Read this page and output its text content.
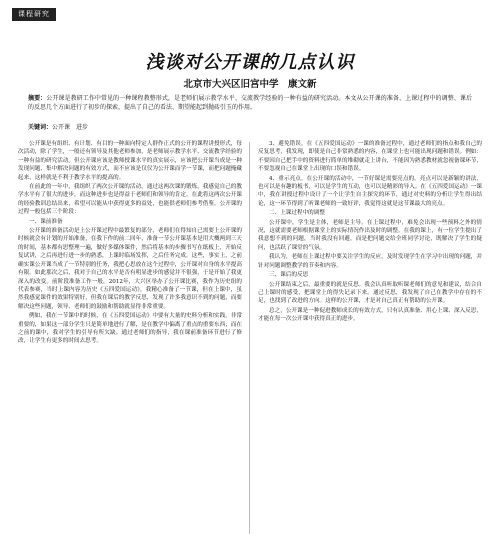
课程研究
浅谈对公开课的几点认识
北京市大兴区旧宫中学　康文新
摘要：公开课是教研工作中常见的一种课程教整形式，是老师们展示教学水平、交流教学经验的一种有益的研究活动。本文从公开课的准备、上课过程中的调整、课后的反思几个方面进行了初步的探索，提出了自己的看法、期望能起到抛砖引玉的作用。
关键词：公开课　进步

公开课是有组织、有计划、有目的一种面向特定人群作正式的公开的课程讲授形式，每次活动，除了学生，一般还有领导及其他老师参加，是老师展示教学水平、交流教学经验的一种有益的研究活动。但公开课应该是教师授课水平的真实展示，应该把公开课当成是一种发现问题、集中解决问题的有效方式，而不应该是仅仅为公开课而学一节课，而把问题掩藏起来，这样就是不利于教学水平的提高的。

在前此的一年中，我组织了两次公开课的活动，通过这两次课的锻炼，我感觉自己的教学水平有了很大的进步，而这种进步也是得益于老师们和领导的肯定。在此将这两次公开课的经验教训总结出来，希望可以能从中获得更多的益处，也能供老师们参考借鉴。公开课的过程一般包括三个阶段：

一、课前准备

公开课的准备活动是上公开课过程中最繁复的部分，老师们在得知自己需要上公开课的时候就会有计划的开始准备，在我下作的前二回年，准备一节公开课基本是用大概两到三天的时间，基本都有思整理一遍，做好多媒体课件，然后将基本的步骤书写在纸板上，开始反复试讲，之后再进行进一步的熟悉，上课时临场发挥，之后任务完成。这些，事实上，之前确实课公开课当成了一节特别的任务，我把心思放在这个过程中，公开课对自身的水平提高有限。如此那次之后，我对于自己的水平是否有明显进步的感觉并不很强，于是开始了我更深入的改变。前阶段准备工作一般，2012年，大兴区举办了公开课比赛，我作为历史组的代表参赛，当时上课内容为历史《五四爱国运动》，我精心准备了一节课，但在上课中，虽然我感觉课件的效果特别好，但我在课后的教学反思，发现了许多我意识不到的问题，而要解决这些问题，领导、老师们的鼓励和帮助就显得非常重要。

例如，我在一节课中的时候，在《五四爱国运动》中要有大量的史料分析和实践，非常重要的，如果这一部分学生只是简单地进行了解，是在教学中偏离了重点的重要东西；而在之前的课中，我对学生的引导有所欠缺。通过老师们的指导，我在课前准备环节进行了修改，让学生有更多的时间去思考。

3、避免错误。在《五四爱国运动》一课的准备过程中，通过老师们的指点和我自己的反复思考，我发现，即使是自己非常熟悉的内容，在课堂上也可能出现问题和错误。例如：不要因自己把手中的资料进行简单的堆砌就走上讲台，不能因为熟悉教材就忽视备课环节，不要忽视自己在课堂上出现的口误和错误。

4、重示亮点。在公开课的活动中，一节好课是需要亮点的。亮点可以是新颖的讲法，也可以是有趣的板书，可以是学生的互动，也可以是精彩的导入。在《五四爱国运动》一课中，我在讲授过程中设计了一个让学生自主探究的环节，通过对史料的分析让学生得出结论，这一环节得到了听课老师的一致好评，我觉得这就是这节课最大的亮点。

二、上课过程中的调整

公开课中，学生是主体，老师是主导。在上课过程中，难免会出现一些预料之外的情况，这就需要老师根据课堂上的实际情况作出及时的调整。在我的课上，有一位学生提出了我意想不到的问题，当时我没有回避，而是把问题交给全班同学讨论，既解决了学生的疑问，也活跃了课堂的气氛。

我认为，老师在上课过程中要关注学生的反应，及时发现学生在学习中出现的问题，并针对问题调整教学的节奏和内容。

三、课后的反思

公开课结束之后，最重要的就是反思。我会认真听取听课老师们的意见和建议，结合自己上课时的感受，把课堂上的得失记录下来。通过反思，我发现了自己在教学中存在的不足，也找到了改进的方向。这样的公开课，才是对自己真正有帮助的公开课。

总之，公开课是一种促进教师成长的有效方式，只有认真准备、用心上课、深入反思，才能在每一次公开课中获得真正的进步。
